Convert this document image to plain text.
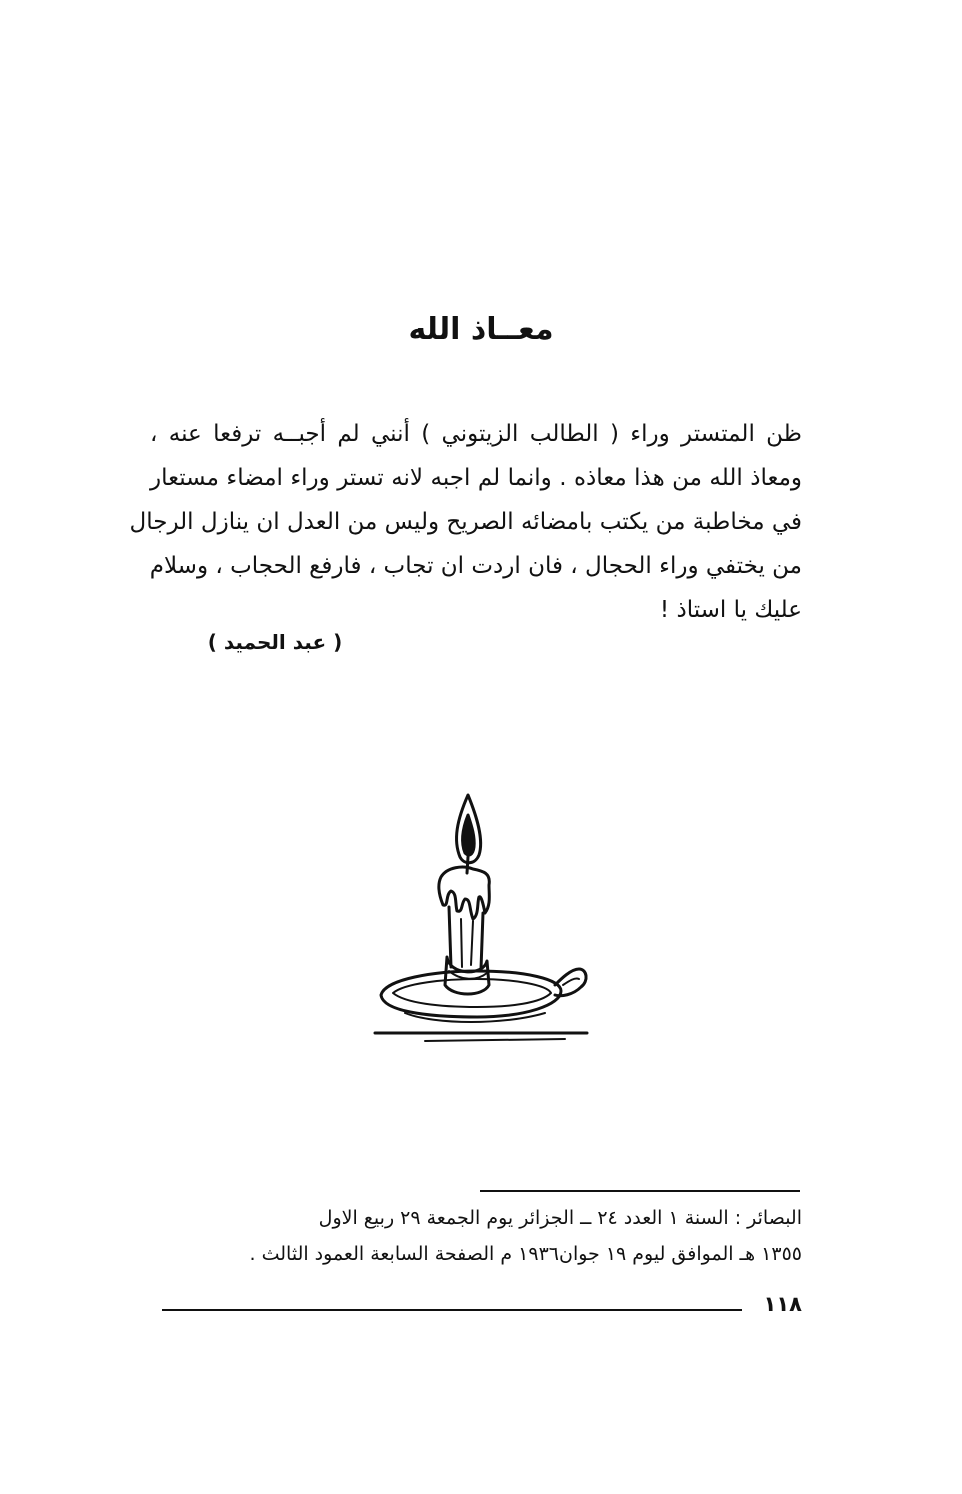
معــاذ الله
ظن المتستر وراء ( الطالب الزيتوني ) أنني لم أجبــه ترفعا عنه ،
ومعاذ الله من هذا معاذه . وانما لم اجبه لانه تستر وراء امضاء مستعار
في مخاطبة من يكتب بامضائه الصريح وليس من العدل ان ينازل الرجال
من يختفي وراء الحجال ، فان اردت ان تجاب ، فارفع الحجاب ، وسلام
عليك يا استاذ !
( عبد الحميد )
البصائر : السنة ١ العدد ٢٤ ــ الجزائر يوم الجمعة ٢٩ ربيع الاول
١٣٥٥ هـ الموافق ليوم ١٩ جوان١٩٣٦ م الصفحة السابعة العمود الثالث .
١١٨
